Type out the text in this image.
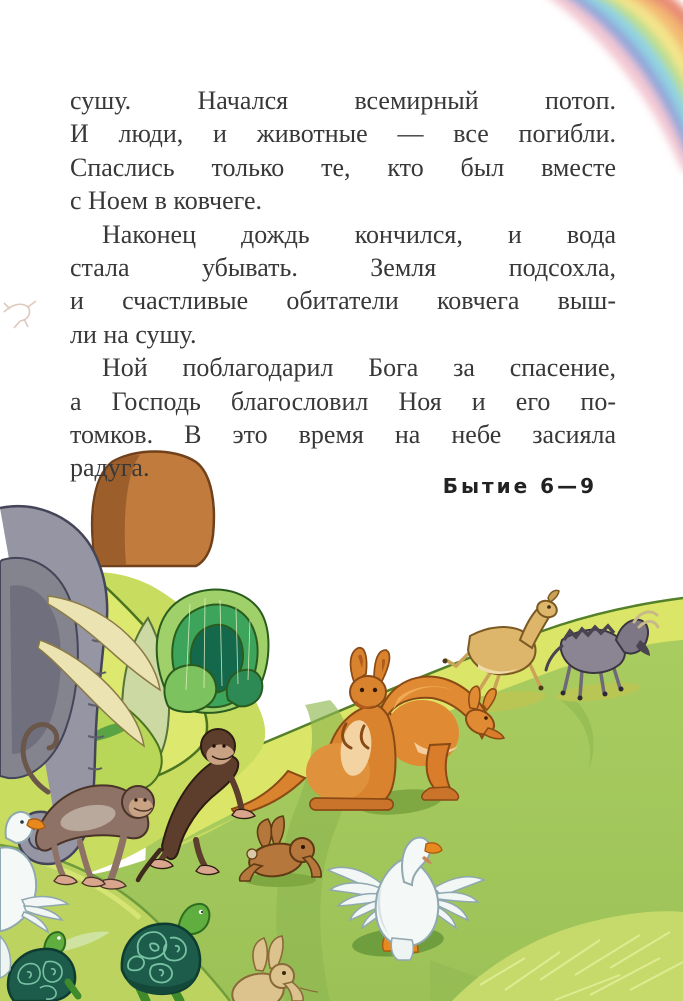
сушу. Начался всемирный потоп.
И люди, и животные — все погибли.
Спаслись только те, кто был вместе
с Ноем в ковчеге.
Наконец дождь кончился, и вода
стала убывать. Земля подсохла,
и счастливые обитатели ковчега выш-
ли на сушу.
Ной поблагодарил Бога за спасение,
а Господь благословил Ноя и его по-
томков. В это время на небе засияла
радуга.
Бытие 6—9
